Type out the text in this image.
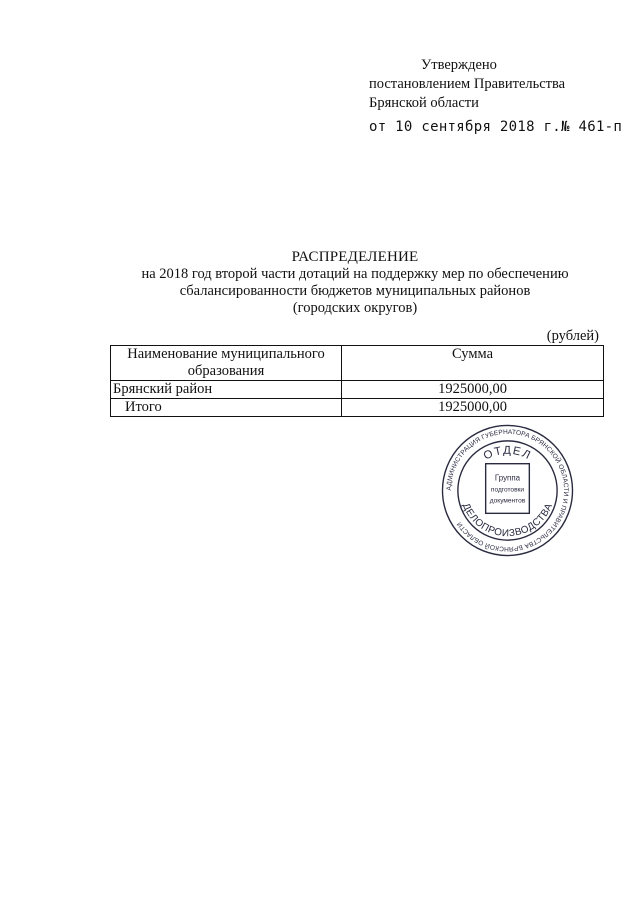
Утверждено
постановлением Правительства
Брянской области
от 10 сентября 2018 г.№ 461-п
РАСПРЕДЕЛЕНИЕ
на 2018 год второй части дотаций на поддержку мер по обеспечению
сбалансированности бюджетов муниципальных районов
(городских округов)
(рублей)
Наименование муниципального образования	Сумма
Брянский район	1925000,00
Итого	1925000,00
АДМИНИСТРАЦИЯ ГУБЕРНАТОРА БРЯНСКОЙ ОБЛАСТИ И ПРАВИТЕЛЬСТВА БРЯНСКОЙ ОБЛАСТИ
ОТДЕЛ
ДЕЛОПРОИЗВОДСТВА
Группа
подготовки
документов
